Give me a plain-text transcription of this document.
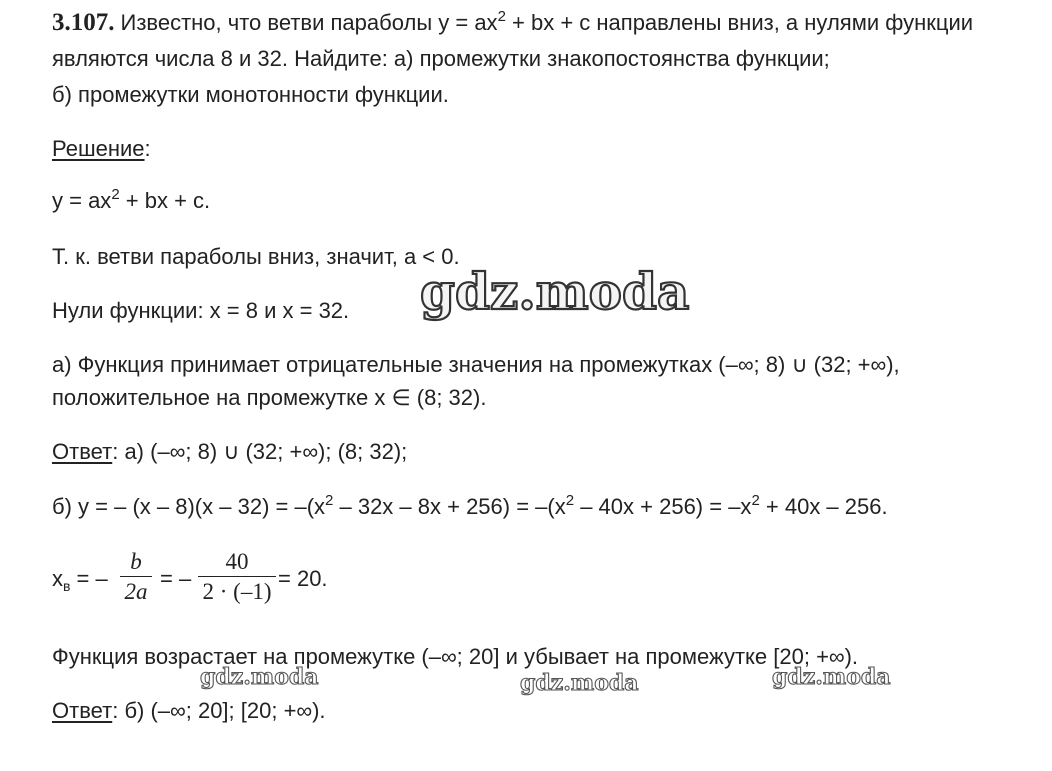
3.107. Известно, что ветви параболы $y = ax^2$ + bx + c направлены вниз, а нулями функции
являются числа 8 и 32. Найдите: а) промежутки знакопостоянства функции;
б) промежутки монотонности функции.
Решение:
$y = ax^2$ + bx + c.
Т. к. ветви параболы вниз, значит, а < 0.
Нули функции: x = 8 и x = 32.
а) Функция принимает отрицательные значения на промежутках (–∞; 8) ∪ (32; +∞),
положительное на промежутке x ∈ (8; 32).
Ответ: а) (–∞; 8) ∪ (32; +∞); (8; 32);
б) y = – $(x - 8)(x - 32) = -(x^2 - 32x - 8x + 256) = -(x^2 - 40x + 256) = -x^2 + 40x - 256$.
$x_в$ = –
b
2a
= –
40
2 · (–1)
= 20.
Функция возрастает на промежутке (–∞; 20] и убывает на промежутке [20; +∞).
Ответ: б) (–∞; 20]; [20; +∞).
gdz.moda
gdz.moda	gdz.moda	gdz.moda
